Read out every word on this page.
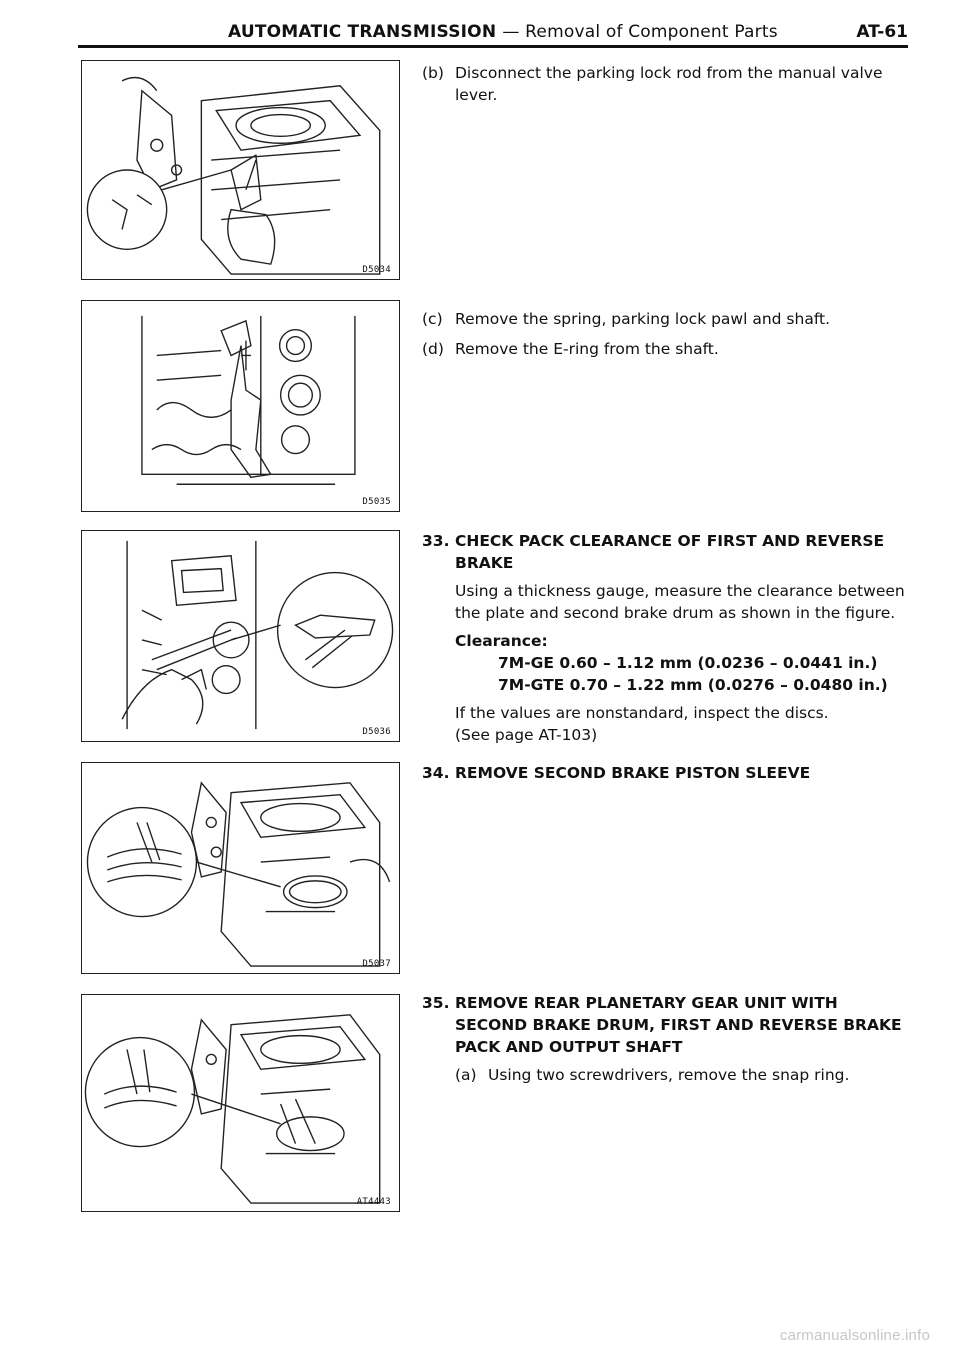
AUTOMATIC TRANSMISSION — Removal of Component Parts	AT-61
D5034
D5035
D5036
D5037
AT4443
(b) Disconnect the parking lock rod from the manual valve lever.
(c) Remove the spring, parking lock pawl and shaft.
(d) Remove the E-ring from the shaft.
33. CHECK PACK CLEARANCE OF FIRST AND REVERSE BRAKE
Using a thickness gauge, measure the clearance between the plate and second brake drum as shown in the figure.
Clearance:
7M-GE 0.60 – 1.12 mm (0.0236 – 0.0441 in.)
7M-GTE 0.70 – 1.22 mm (0.0276 – 0.0480 in.)
If the values are nonstandard, inspect the discs.
(See page AT-103)
34. REMOVE SECOND BRAKE PISTON SLEEVE
35. REMOVE REAR PLANETARY GEAR UNIT WITH SECOND BRAKE DRUM, FIRST AND REVERSE BRAKE PACK AND OUTPUT SHAFT
(a) Using two screwdrivers, remove the snap ring.
carmanualsonline.info
